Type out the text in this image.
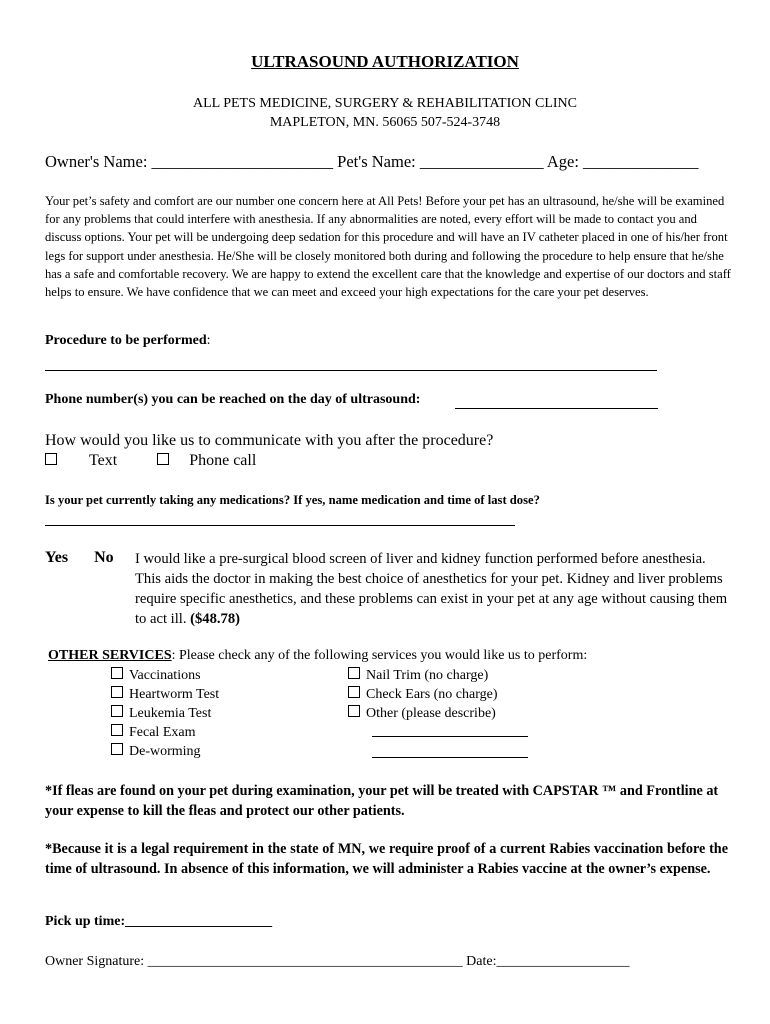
ULTRASOUND AUTHORIZATION
ALL PETS MEDICINE, SURGERY & REHABILITATION CLINC
MAPLETON, MN. 56065 507-524-3748
Owner's Name: ______________________ Pet's Name: _______________ Age: ______________
Your pet’s safety and comfort are our number one concern here at All Pets! Before your pet has an ultrasound, he/she will be examined for any problems that could interfere with anesthesia. If any abnormalities are noted, every effort will be made to contact you and discuss options. Your pet will be undergoing deep sedation for this procedure and will have an IV catheter placed in one of his/her front legs for support under anesthesia. He/She will be closely monitored both during and following the procedure to help ensure that he/she has a safe and comfortable recovery. We are happy to extend the excellent care that the knowledge and expertise of our doctors and staff helps to ensure. We have confidence that we can meet and exceed your high expectations for the care your pet deserves.
Procedure to be performed:
Phone number(s) you can be reached on the day of ultrasound:
How would you like us to communicate with you after the procedure?
Text	Phone call
Is your pet currently taking any medications? If yes, name medication and time of last dose?
Yes No I would like a pre-surgical blood screen of liver and kidney function performed before anesthesia. This aids the doctor in making the best choice of anesthetics for your pet. Kidney and liver problems require specific anesthetics, and these problems can exist in your pet at any age without causing them to act ill. ($48.78)
OTHER SERVICES: Please check any of the following services you would like us to perform:
Vaccinations
Heartworm Test
Leukemia Test
Fecal Exam
De-worming
Nail Trim (no charge)
Check Ears (no charge)
Other (please describe)
*If fleas are found on your pet during examination, your pet will be treated with CAPSTAR ™ and Frontline at your expense to kill the fleas and protect our other patients.
*Because it is a legal requirement in the state of MN, we require proof of a current Rabies vaccination before the time of ultrasound. In absence of this information, we will administer a Rabies vaccine at the owner’s expense.
Pick up time:_____________________
Owner Signature: _____________________________________________ Date:___________________
